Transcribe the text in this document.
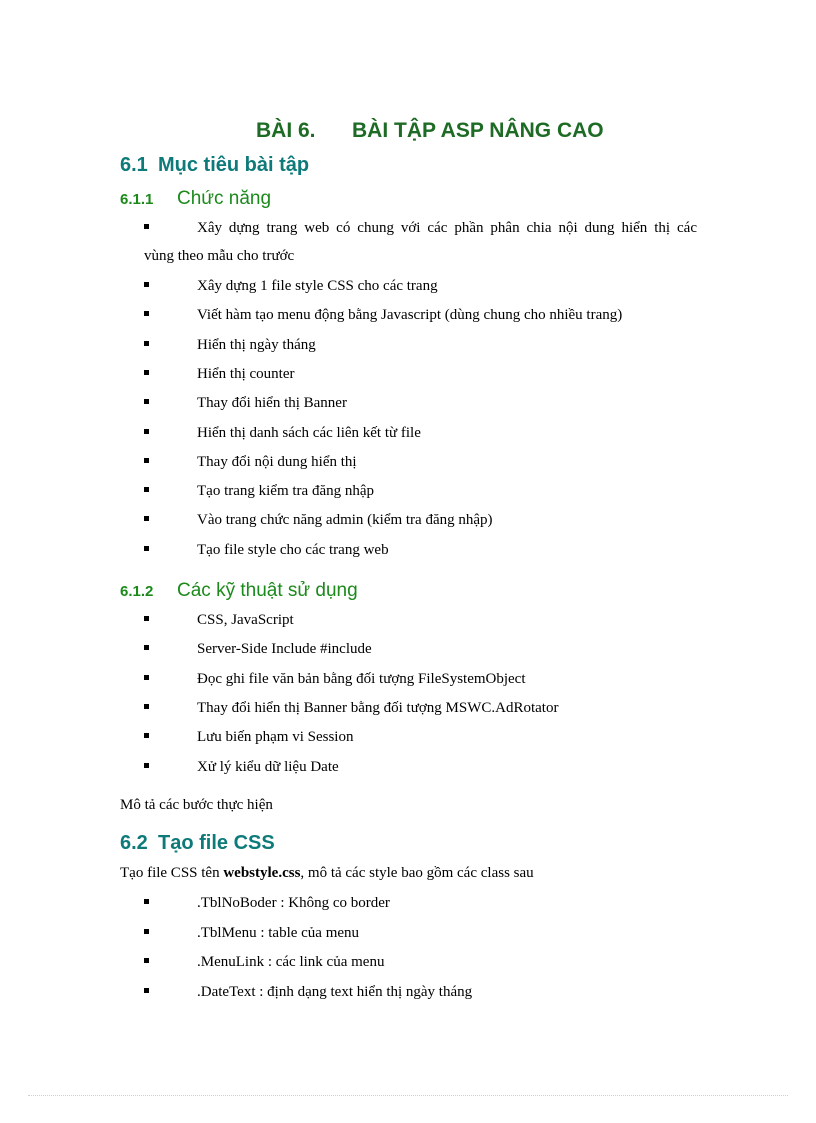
BÀI 6. BÀI TẬP ASP NÂNG CAO
6.1 Mục tiêu bài tập
6.1.1 Chức năng
Xây dựng trang web có chung với các phần phân chia nội dung hiển thị các
vùng theo mẫu cho trước
Xây dựng 1 file style CSS cho các trang
Viết hàm tạo menu động bằng Javascript (dùng chung cho nhiều trang)
Hiển thị ngày tháng
Hiển thị counter
Thay đổi hiển thị Banner
Hiển thị danh sách các liên kết từ file
Thay đổi nội dung hiển thị
Tạo trang kiểm tra đăng nhập
Vào trang chức năng admin (kiểm tra đăng nhập)
Tạo file style cho các trang web
6.1.2 Các kỹ thuật sử dụng
CSS, JavaScript
Server-Side Include #include
Đọc ghi file văn bản bằng đối tượng FileSystemObject
Thay đổi hiển thị Banner bằng đối tượng MSWC.AdRotator
Lưu biến phạm vi Session
Xử lý kiểu dữ liệu Date
Mô tả các bước thực hiện
6.2 Tạo file CSS
Tạo file CSS tên webstyle.css, mô tả các style bao gồm các class sau
.TblNoBoder : Không co border
.TblMenu : table của menu
.MenuLink : các link của menu
.DateText : định dạng text hiển thị ngày tháng
